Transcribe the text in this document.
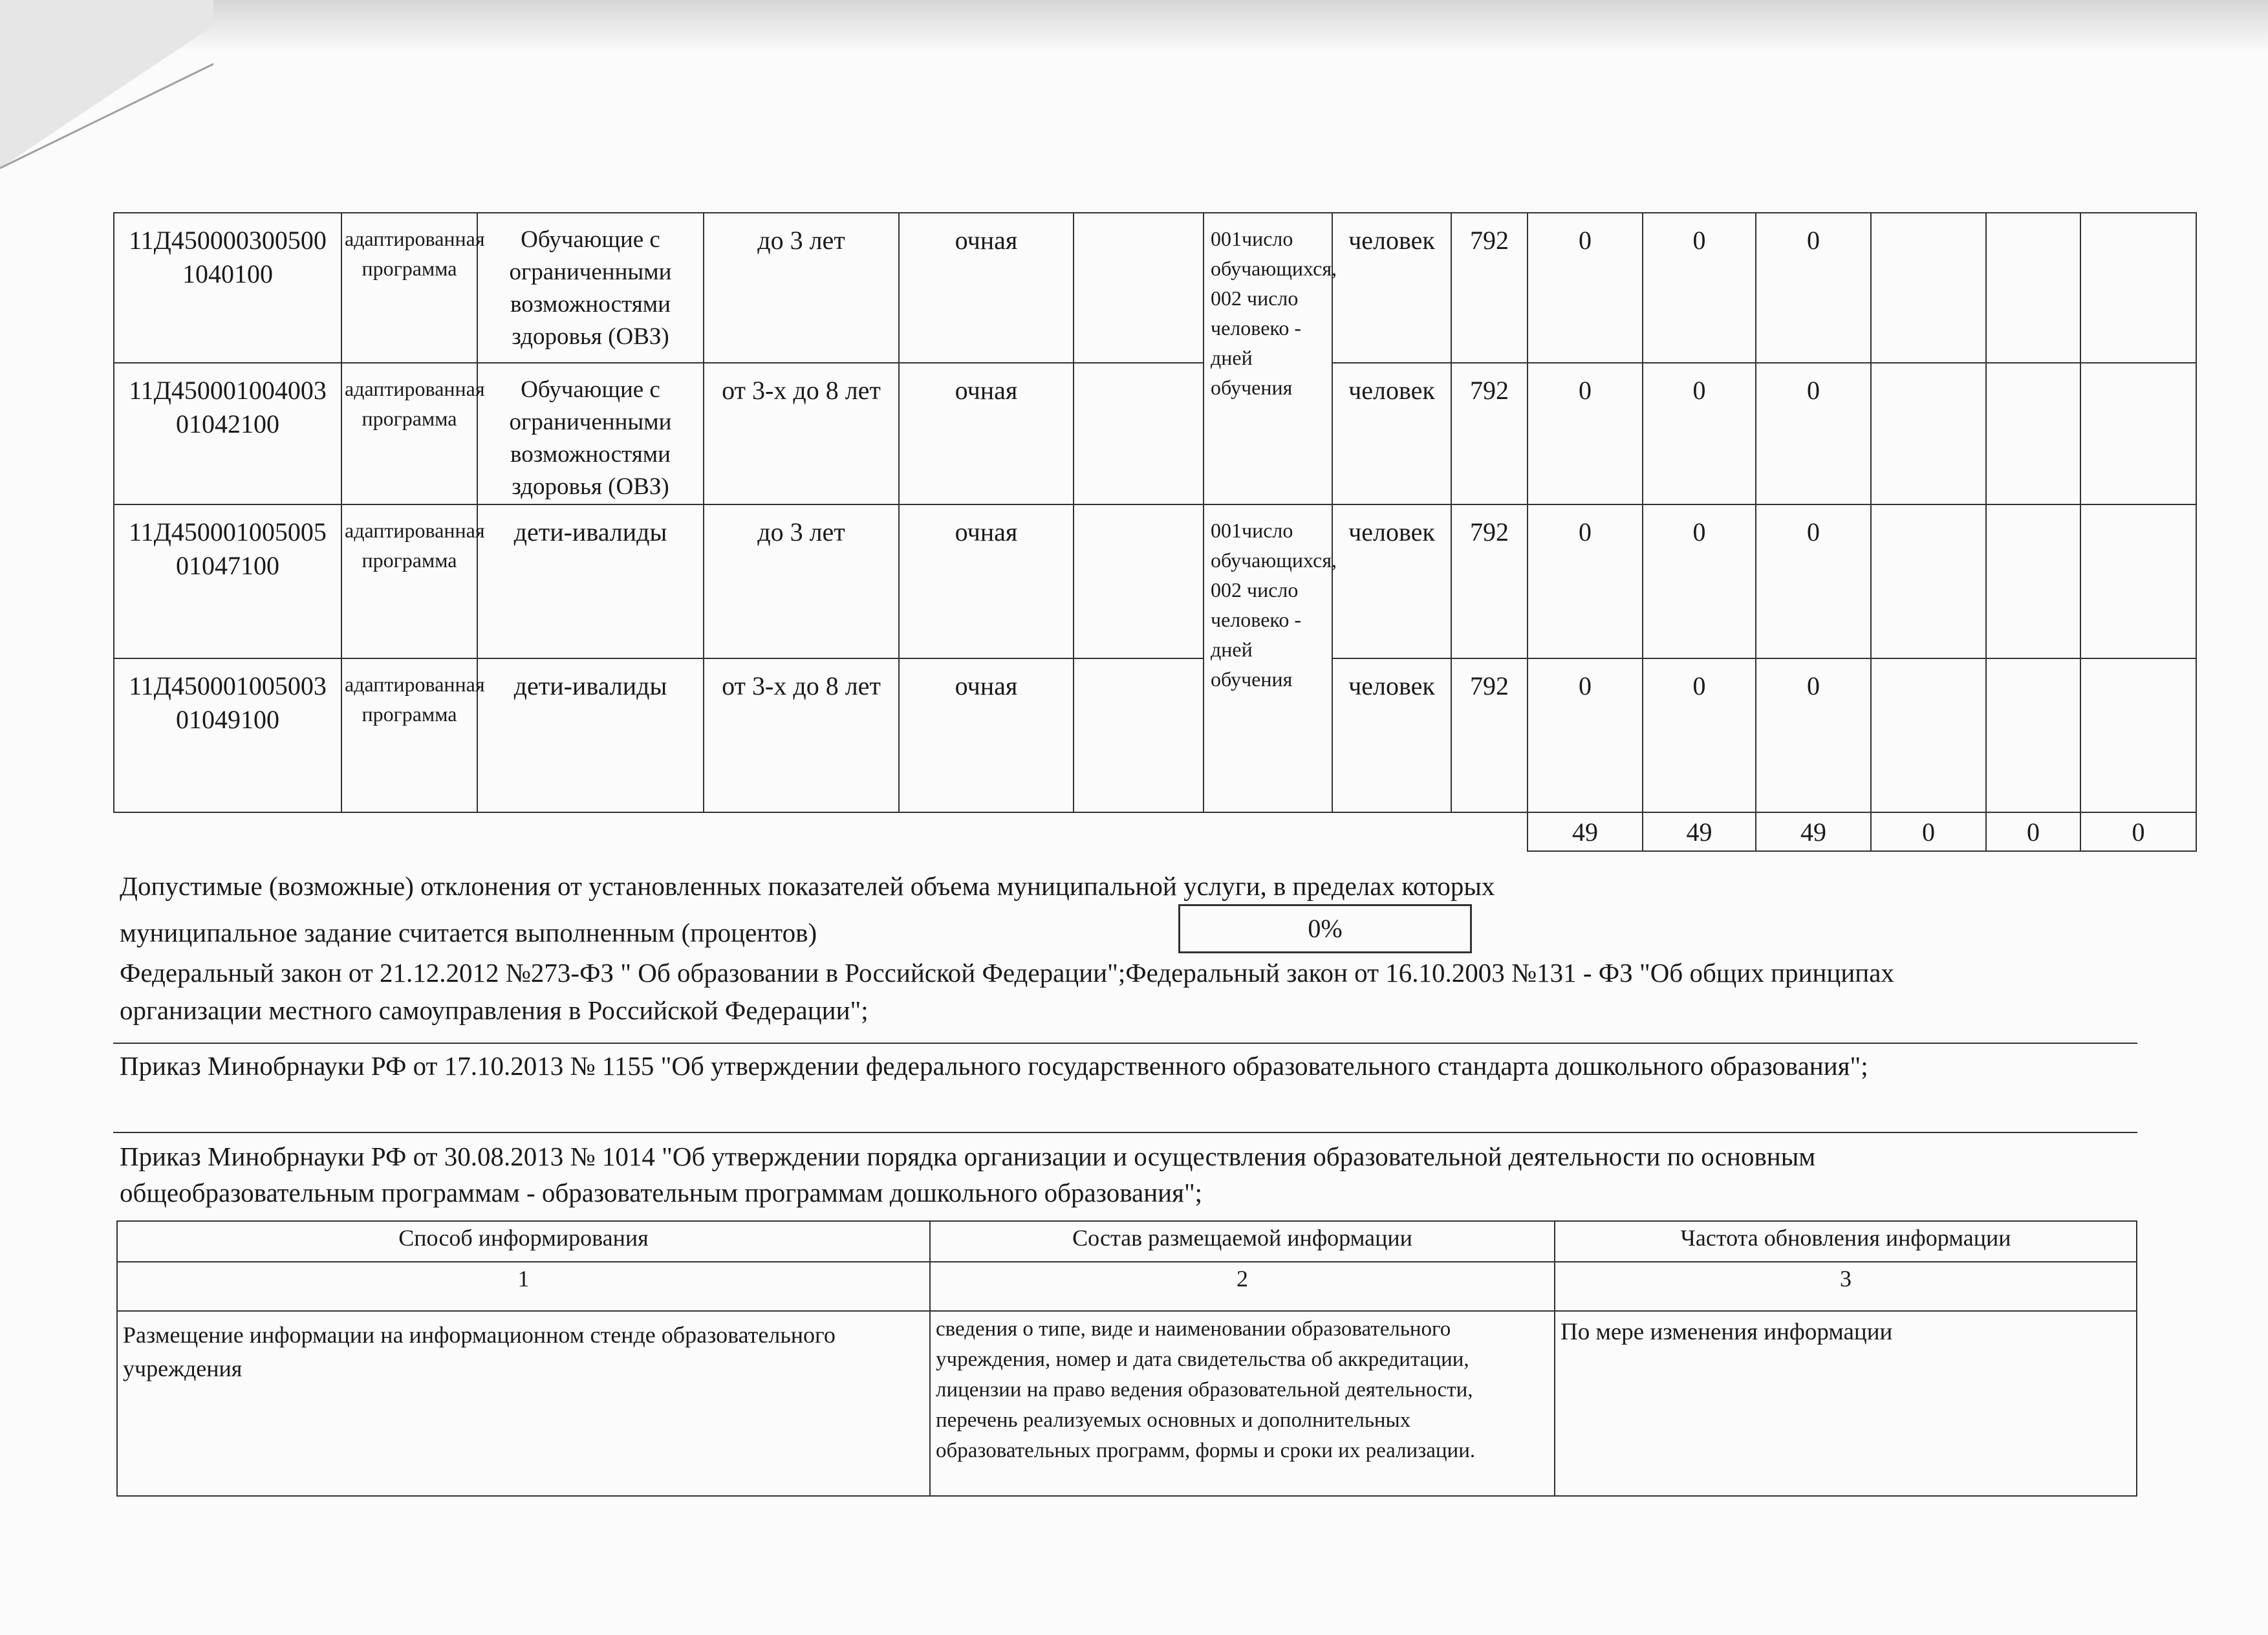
11Д450000300500 1040100	адаптированная программа	Обучающие с ограниченными возможностями здоровья (ОВЗ)	до 3 лет	очная		001число обучающихся, 002 число человеко - дней обучения	человек	792	0	0	0			
11Д450001004003 01042100	адаптированная программа	Обучающие с ограниченными возможностями здоровья (ОВЗ)	от 3-х до 8 лет	очная			человек	792	0	0	0			
11Д450001005005 01047100	адаптированная программа	дети-ивалиды	до 3 лет	очная		001число обучающихся, 002 число человеко - дней обучения	человек	792	0	0	0			
11Д450001005003 01049100	адаптированная программа	дети-ивалиды	от 3-х до 8 лет	очная			человек	792	0	0	0			
									49	49	49	0	0	0
Допустимые (возможные) отклонения от установленных показателей объема муниципальной услуги, в пределах которых
муниципальное задание считается выполненным (процентов)	0%
Федеральный закон от 21.12.2012 №273-ФЗ " Об образовании в Российской Федерации";Федеральный закон от 16.10.2003 №131 - ФЗ "Об общих принципах
организации местного самоуправления в Российской Федерации";
Приказ Минобрнауки РФ от 17.10.2013 № 1155 "Об утверждении федерального государственного образовательного стандарта дошкольного образования";
Приказ Минобрнауки РФ от 30.08.2013 № 1014 "Об утверждении порядка организации и осуществления образовательной деятельности по основным
общеобразовательным программам - образовательным программам дошкольного образования";
Способ информирования	Состав размещаемой информации	Частота обновления информации
1	2	3
Размещение информации на информационном стенде образовательного учреждения	сведения о типе, виде и наименовании образовательного учреждения, номер и дата свидетельства об аккредитации, лицензии на право ведения образовательной деятельности, перечень реализуемых основных и дополнительных образовательных программ, формы и сроки их реализации.	По мере изменения информации
